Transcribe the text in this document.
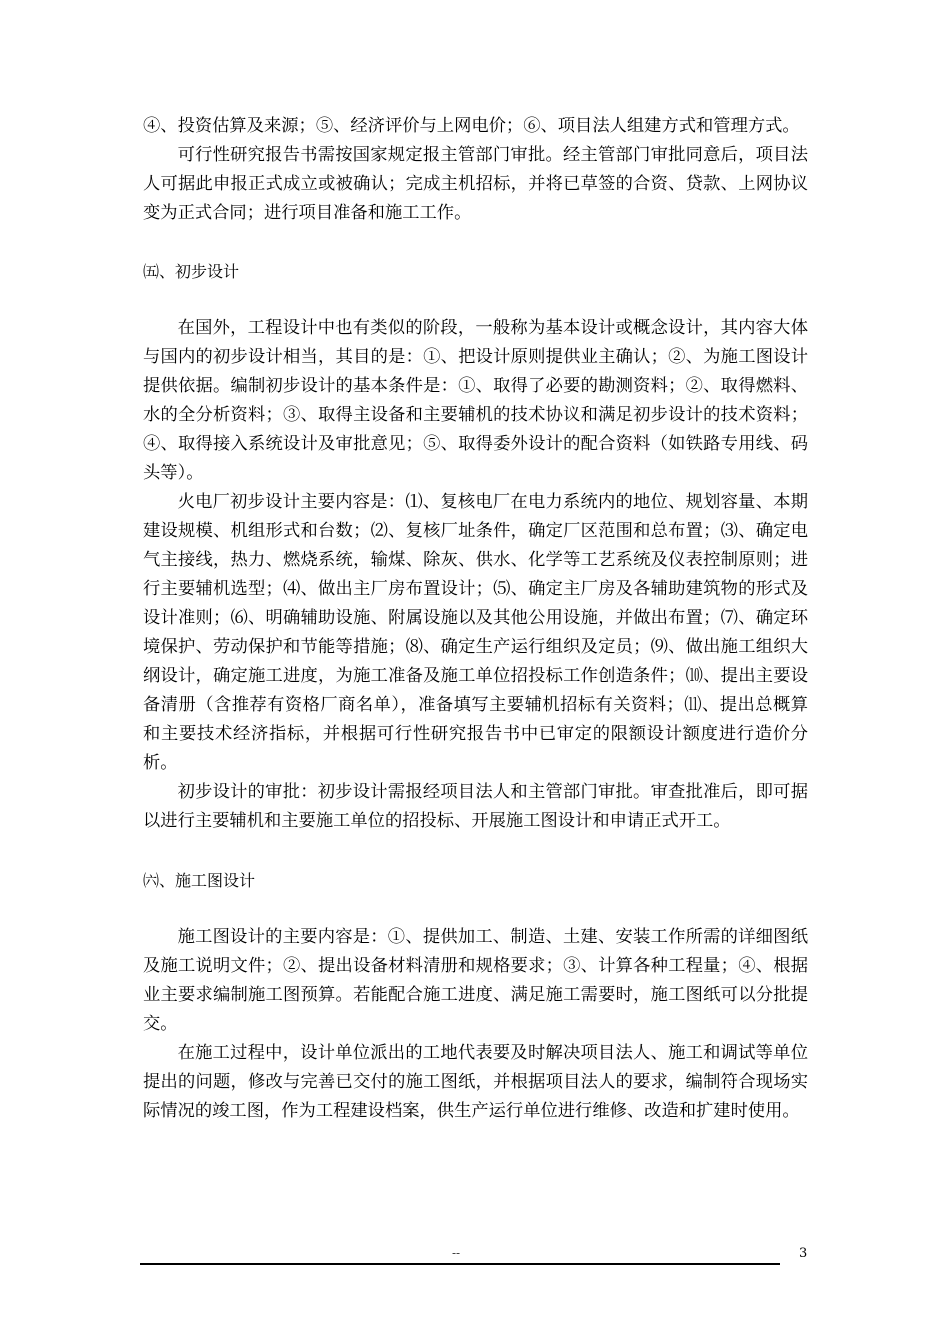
④、投资估算及来源；⑤、经济评价与上网电价；⑥、项目法人组建方式和管理方式。

可行性研究报告书需按国家规定报主管部门审批。经主管部门审批同意后，项目法人可据此申报正式成立或被确认；完成主机招标，并将已草签的合资、贷款、上网协议变为正式合同；进行项目准备和施工工作。

㈤、初步设计

在国外，工程设计中也有类似的阶段，一般称为基本设计或概念设计，其内容大体与国内的初步设计相当，其目的是：①、把设计原则提供业主确认；②、为施工图设计提供依据。编制初步设计的基本条件是：①、取得了必要的勘测资料；②、取得燃料、水的全分析资料；③、取得主设备和主要辅机的技术协议和满足初步设计的技术资料；④、取得接入系统设计及审批意见；⑤、取得委外设计的配合资料（如铁路专用线、码头等）。

火电厂初步设计主要内容是：⑴、复核电厂在电力系统内的地位、规划容量、本期建设规模、机组形式和台数；⑵、复核厂址条件，确定厂区范围和总布置；⑶、确定电气主接线，热力、燃烧系统，输煤、除灰、供水、化学等工艺系统及仪表控制原则；进行主要辅机选型；⑷、做出主厂房布置设计；⑸、确定主厂房及各辅助建筑物的形式及设计准则；⑹、明确辅助设施、附属设施以及其他公用设施，并做出布置；⑺、确定环境保护、劳动保护和节能等措施；⑻、确定生产运行组织及定员；⑼、做出施工组织大纲设计，确定施工进度，为施工准备及施工单位招投标工作创造条件；⑽、提出主要设备清册（含推荐有资格厂商名单），准备填写主要辅机招标有关资料；⑾、提出总概算和主要技术经济指标，并根据可行性研究报告书中已审定的限额设计额度进行造价分析。

初步设计的审批：初步设计需报经项目法人和主管部门审批。审查批准后，即可据以进行主要辅机和主要施工单位的招投标、开展施工图设计和申请正式开工。

㈥、施工图设计

施工图设计的主要内容是：①、提供加工、制造、土建、安装工作所需的详细图纸及施工说明文件；②、提出设备材料清册和规格要求；③、计算各种工程量；④、根据业主要求编制施工图预算。若能配合施工进度、满足施工需要时，施工图纸可以分批提交。

在施工过程中，设计单位派出的工地代表要及时解决项目法人、施工和调试等单位提出的问题，修改与完善已交付的施工图纸，并根据项目法人的要求，编制符合现场实际情况的竣工图，作为工程建设档案，供生产运行单位进行维修、改造和扩建时使用。

--	3
